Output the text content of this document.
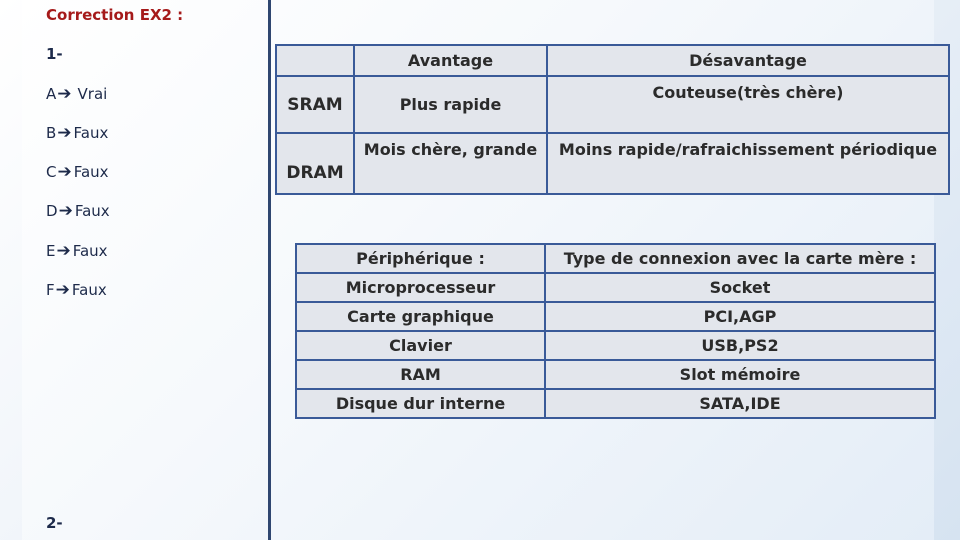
Correction EX2 :
1-
A ➔ Vrai
B ➔ Faux
C ➔ Faux
D ➔ Faux
E ➔ Faux
F ➔ Faux
2-
	Avantage	Désavantage
SRAM	Plus rapide	Couteuse(très chère)
DRAM	Mois chère, grande	Moins rapide/rafraichissement périodique
Périphérique :	Type de connexion avec la carte mère :
Microprocesseur	Socket
Carte graphique	PCI,AGP
Clavier	USB,PS2
RAM	Slot mémoire
Disque dur interne	SATA,IDE
